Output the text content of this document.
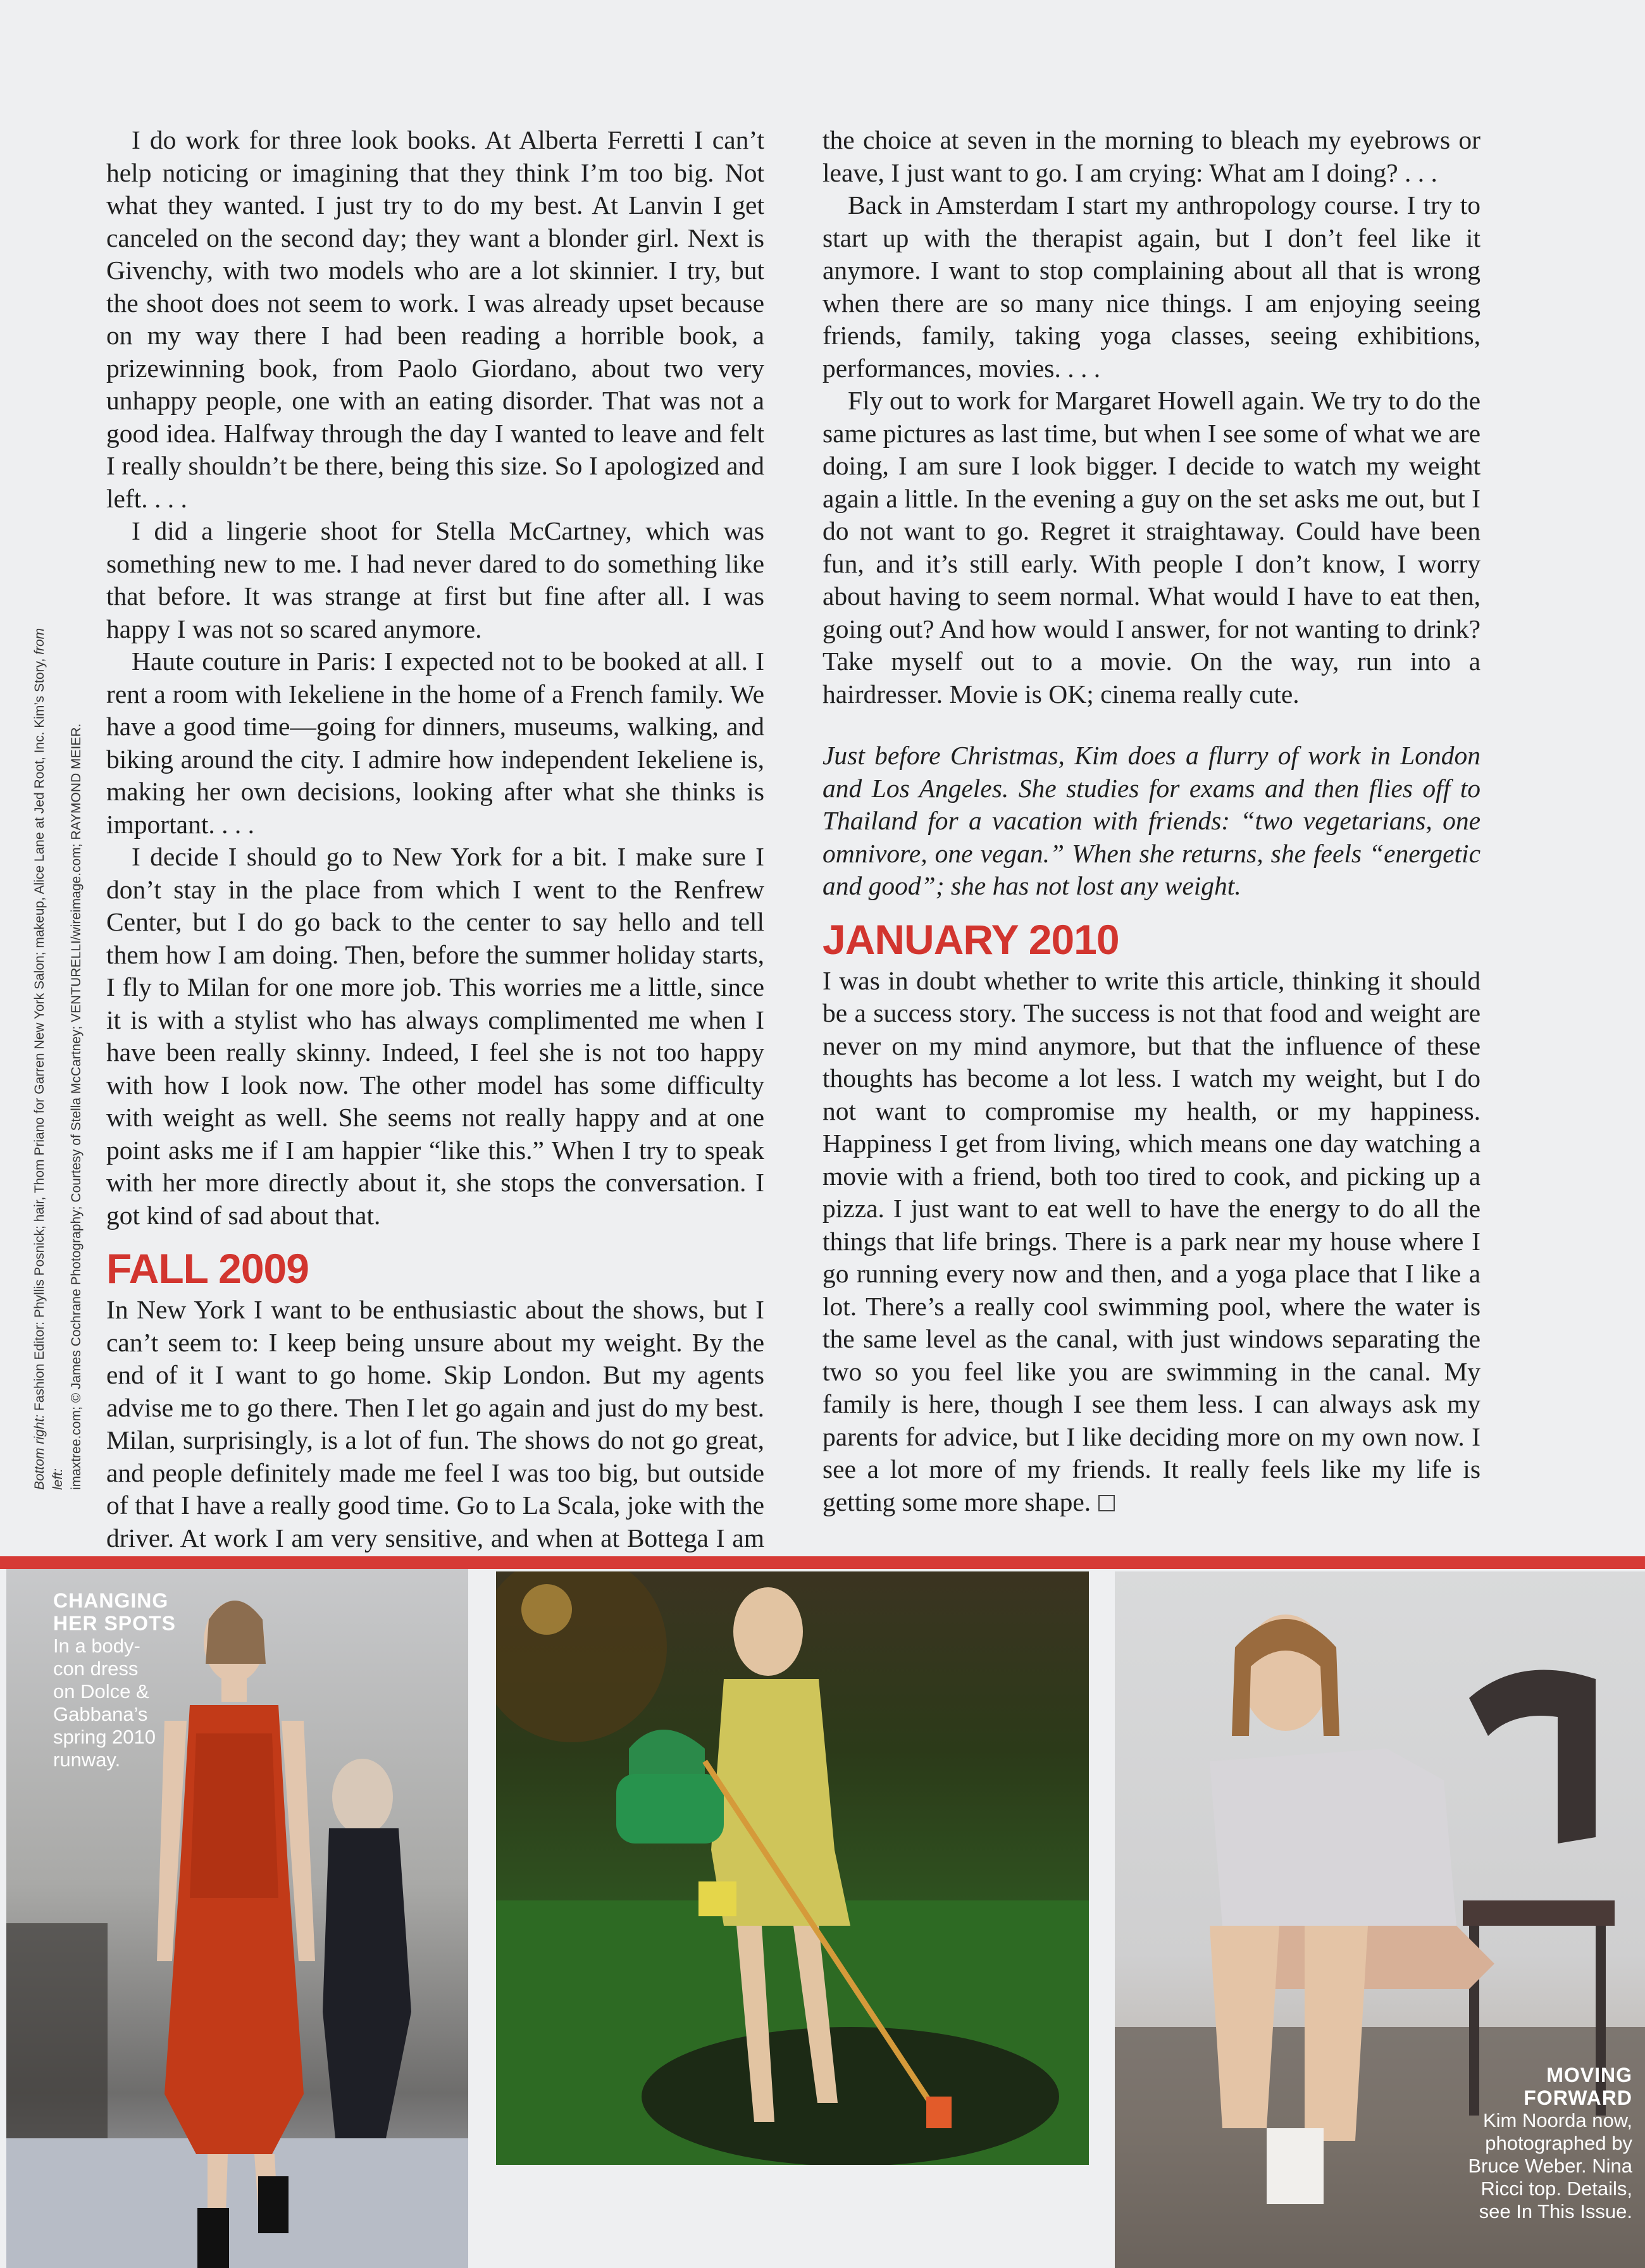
I do work for three look books. At Alberta Ferretti I can’t help noticing or imagining that they think I’m too big. Not what they wanted. I just try to do my best. At Lanvin I get canceled on the second day; they want a blonder girl. Next is Givenchy, with two models who are a lot skinnier. I try, but the shoot does not seem to work. I was already upset because on my way there I had been reading a horrible book, a prizewinning book, from Paolo Giordano, about two very unhappy people, one with an eating disorder. That was not a good idea. Halfway through the day I wanted to leave and felt I really shouldn’t be there, being this size. So I apologized and left. . . .

I did a lingerie shoot for Stella McCartney, which was something new to me. I had never dared to do something like that before. It was strange at first but fine after all. I was happy I was not so scared anymore.

Haute couture in Paris: I expected not to be booked at all. I rent a room with Iekeliene in the home of a French family. We have a good time—going for dinners, museums, walking, and biking around the city. I admire how independent Iekeliene is, making her own decisions, looking after what she thinks is important. . . .

I decide I should go to New York for a bit. I make sure I don’t stay in the place from which I went to the Renfrew Center, but I do go back to the center to say hello and tell them how I am doing. Then, before the summer holiday starts, I fly to Milan for one more job. This worries me a little, since it is with a stylist who has always complimented me when I have been really skinny. Indeed, I feel she is not too happy with how I look now. The other model has some difficulty with weight as well. She seems not really happy and at one point asks me if I am happier “like this.” When I try to speak with her more directly about it, she stops the conversation. I got kind of sad about that.

FALL 2009

In New York I want to be enthusiastic about the shows, but I can’t seem to: I keep being unsure about my weight. By the end of it I want to go home. Skip London. But my agents advise me to go there. Then I let go again and just do my best. Milan, surprisingly, is a lot of fun. The shows do not go great, and people definitely made me feel I was too big, but outside of that I have a really good time. Go to La Scala, joke with the driver. At work I am very sensitive, and when at Bottega I am

the choice at seven in the morning to bleach my eyebrows or leave, I just want to go. I am crying: What am I doing? . . .

Back in Amsterdam I start my anthropology course. I try to start up with the therapist again, but I don’t feel like it anymore. I want to stop complaining about all that is wrong when there are so many nice things. I am enjoying seeing friends, family, taking yoga classes, seeing exhibitions, performances, movies. . . .

Fly out to work for Margaret Howell again. We try to do the same pictures as last time, but when I see some of what we are doing, I am sure I look bigger. I decide to watch my weight again a little. In the evening a guy on the set asks me out, but I do not want to go. Regret it straightaway. Could have been fun, and it’s still early. With people I don’t know, I worry about having to seem normal. What would I have to eat then, going out? And how would I answer, for not wanting to drink? Take myself out to a movie. On the way, run into a hairdresser. Movie is OK; cinema really cute.

Just before Christmas, Kim does a flurry of work in London and Los Angeles. She studies for exams and then flies off to Thailand for a vacation with friends: “two vegetarians, one omnivore, one vegan.” When she returns, she feels “energetic and good”; she has not lost any weight.

JANUARY 2010

I was in doubt whether to write this article, thinking it should be a success story. The success is not that food and weight are never on my mind anymore, but that the influence of these thoughts has become a lot less. I watch my weight, but I do not want to compromise my health, or my happiness. Happiness I get from living, which means one day watching a movie with a friend, both too tired to cook, and picking up a pizza. I just want to eat well to have the energy to do all the things that life brings. There is a park near my house where I go running every now and then, and a yoga place that I like a lot. There’s a really cool swimming pool, where the water is the same level as the canal, with just windows separating the two so you feel like you are swimming in the canal. My family is here, though I see them less. I can always ask my parents for advice, but I like deciding more on my own now. I see a lot more of my friends. It really feels like my life is getting some more shape.

Bottom right: Fashion Editor: Phyllis Posnick; hair, Thom Priano for Garren New York Salon; makeup, Alice Lane at Jed Root, Inc. Kim’s Story, from left: imaxtree.com; © James Cochrane Photography; Courtesy of Stella McCartney; VENTURELLI/wireimage.com; RAYMOND MEIER.
CHANGING
HER SPOTS
In a body-
con dress
on Dolce &
Gabbana’s
spring 2010
runway.
MOVING
FORWARD
Kim Noorda now,
photographed by
Bruce Weber. Nina
Ricci top. Details,
see In This Issue.
